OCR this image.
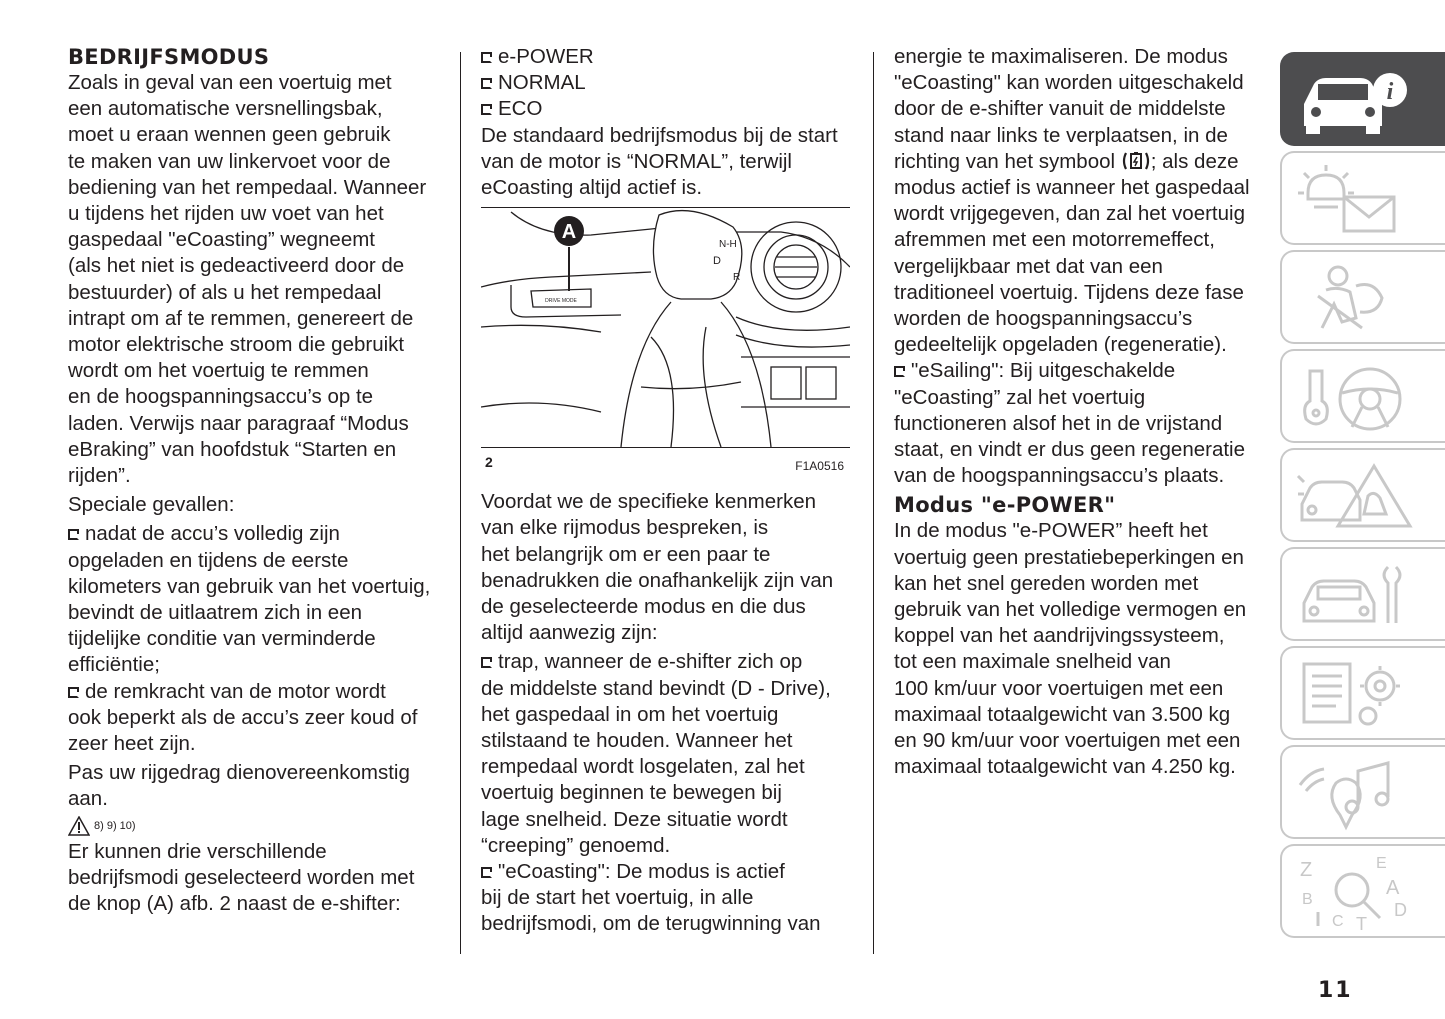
BEDRIJFSMODUS

Zoals in geval van een voertuig met

een automatische versnellingsbak,

moet u eraan wennen geen gebruik

te maken van uw linkervoet voor de

bediening van het rempedaal. Wanneer

u tijdens het rijden uw voet van het

gaspedaal "eCoasting” wegneemt

(als het niet is gedeactiveerd door de

bestuurder) of als u het rempedaal

intrapt om af te remmen, genereert de

motor elektrische stroom die gebruikt

wordt om het voertuig te remmen

en de hoogspanningsaccu’s op te

laden. Verwijs naar paragraaf “Modus

eBraking” van hoofdstuk “Starten en

rijden”.

Speciale gevallen:

nadat de accu’s volledig zijn

opgeladen en tijdens de eerste

kilometers van gebruik van het voertuig,

bevindt de uitlaatrem zich in een

tijdelijke conditie van verminderde

efficiëntie;

de remkracht van de motor wordt

ook beperkt als de accu’s zeer koud of

zeer heet zijn.

Pas uw rijgedrag dienovereenkomstig

aan.

8) 9) 10)

Er kunnen drie verschillende

bedrijfsmodi geselecteerd worden met

de knop (A) afb. 2 naast de e-shifter:

e-POWER

NORMAL

ECO

De standaard bedrijfsmodus bij de start

van de motor is “NORMAL”, terwijl

eCoasting altijd actief is.

N-H
D
R
DRIVE MODE
A
2	F1A0516

Voordat we de specifieke kenmerken

van elke rijmodus bespreken, is

het belangrijk om er een paar te

benadrukken die onafhankelijk zijn van

de geselecteerde modus en die dus

altijd aanwezig zijn:

trap, wanneer de e-shifter zich op

de middelste stand bevindt (D - Drive),

het gaspedaal in om het voertuig

stilstaand te houden. Wanneer het

rempedaal wordt losgelaten, zal het

voertuig beginnen te bewegen bij

lage snelheid. Deze situatie wordt

“creeping” genoemd.

"eCoasting": De modus is actief

bij de start het voertuig, in alle

bedrijfsmodi, om de terugwinning van

energie te maximaliseren. De modus

"eCoasting" kan worden uitgeschakeld

door de e-shifter vanuit de middelste

stand naar links te verplaatsen, in de

richting van het symbool ; als deze

modus actief is wanneer het gaspedaal

wordt vrijgegeven, dan zal het voertuig

afremmen met een motorremeffect,

vergelijkbaar met dat van een

traditioneel voertuig. Tijdens deze fase

worden de hoogspanningsaccu’s

gedeeltelijk opgeladen (regeneratie).

"eSailing": Bij uitgeschakelde

"eCoasting” zal het voertuig

functioneren alsof het in de vrijstand

staat, en vindt er dus geen regeneratie

van de hoogspanningsaccu’s plaats.

Modus "e-POWER"

In de modus "e-POWER” heeft het

voertuig geen prestatiebeperkingen en

kan het snel gereden worden met

gebruik van het volledige vermogen en

koppel van het aandrijvingssysteem,

tot een maximale snelheid van

100 km/uur voor voertuigen met een

maximaal totaalgewicht van 3.500 kg

en 90 km/uur voor voertuigen met een

maximaal totaalgewicht van 4.250 kg.

i
Z	E
A
B
C
D
T
11
